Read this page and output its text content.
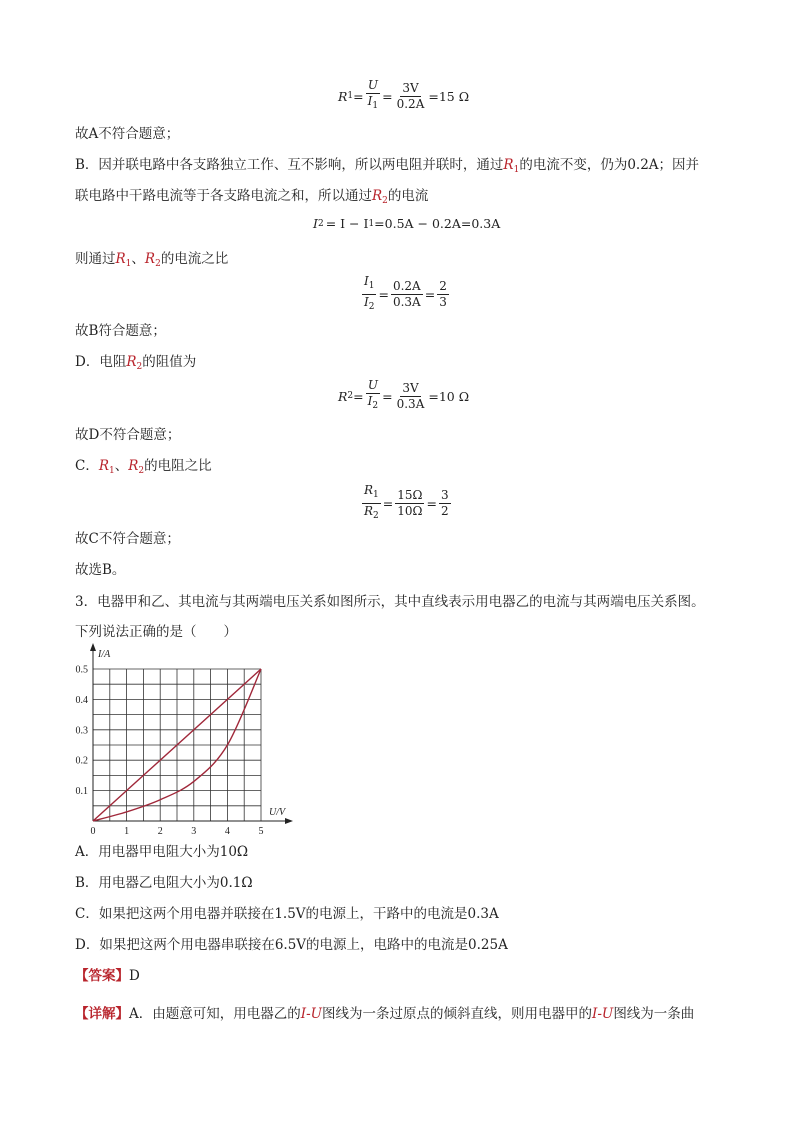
R $1 = \frac{U}{I_1} = \frac{3V}{0.2A} = 15$ Ω
故A不符合题意；
B．因并联电路中各支路独立工作、互不影响，所以两电阻并联时，通过$R_1$的电流不变，仍为0.2A；因并
联电路中干路电流等于各支路电流之和，所以通过$R_2$的电流
I 2 = I − I 1 =0.5A − 0.2A=0.3A
则通过$R_1$、$R_2$的电流之比
$\frac{I_1}{I_2} = \frac{0.2A}{0.3A} = \frac{2}{3}$
故B符合题意；
D．电阻$R_2$的阻值为
R $2 = \frac{U}{I_2} = \frac{3V}{0.3A} = 10$ Ω
故D不符合题意；
C．$R_1$、$R_2$的电阻之比
$\frac{R_1}{R_2} = \frac{15\Omega}{10\Omega} = \frac{3}{2}$
故C不符合题意；
故选B。
3．电器甲和乙、其电流与其两端电压关系如图所示，其中直线表示用电器乙的电流与其两端电压关系图。
下列说法正确的是（　　）
0	1	2	3	4	5
0.1
0.2
0.3
0.4
0.5
U/V
I/A
A．用电器甲电阻大小为10Ω
B．用电器乙电阻大小为0.1Ω
C．如果把这两个用电器并联接在1.5V的电源上，干路中的电流是0.3A
D．如果把这两个用电器串联接在6.5V的电源上，电路中的电流是0.25A
【答案】D
【详解】A．由题意可知，用电器乙的I-U图线为一条过原点的倾斜直线，则用电器甲的I-U图线为一条曲
